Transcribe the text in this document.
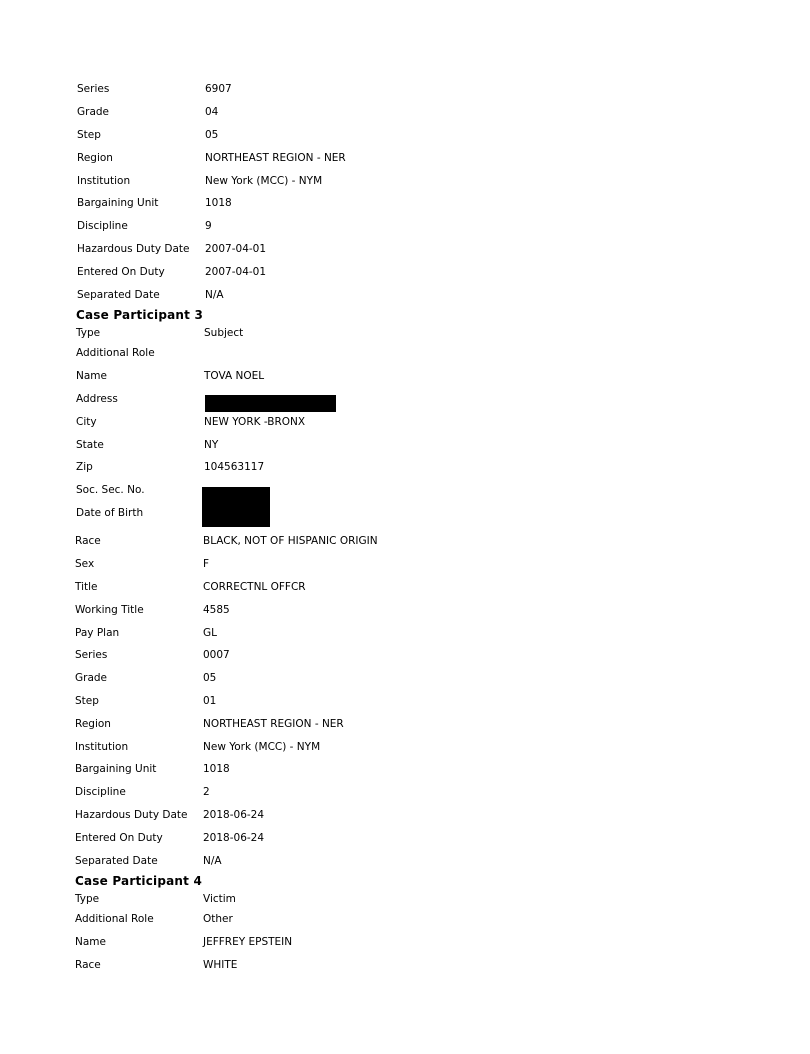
Series	6907
Grade	04
Step	05
Region	NORTHEAST REGION - NER
Institution	New York (MCC) - NYM
Bargaining Unit	1018
Discipline	9
Hazardous Duty Date	2007-04-01
Entered On Duty	2007-04-01
Separated Date	N/A
Case Participant 3
Type	Subject
Additional Role
Name	TOVA NOEL
Address
City	NEW YORK -BRONX
State	NY
Zip	104563117
Soc. Sec. No.
Date of Birth
Race	BLACK, NOT OF HISPANIC ORIGIN
Sex	F
Title	CORRECTNL OFFCR
Working Title	4585
Pay Plan	GL
Series	0007
Grade	05
Step	01
Region	NORTHEAST REGION - NER
Institution	New York (MCC) - NYM
Bargaining Unit	1018
Discipline	2
Hazardous Duty Date	2018-06-24
Entered On Duty	2018-06-24
Separated Date	N/A
Case Participant 4
Type	Victim
Additional Role	Other
Name	JEFFREY EPSTEIN
Race	WHITE
